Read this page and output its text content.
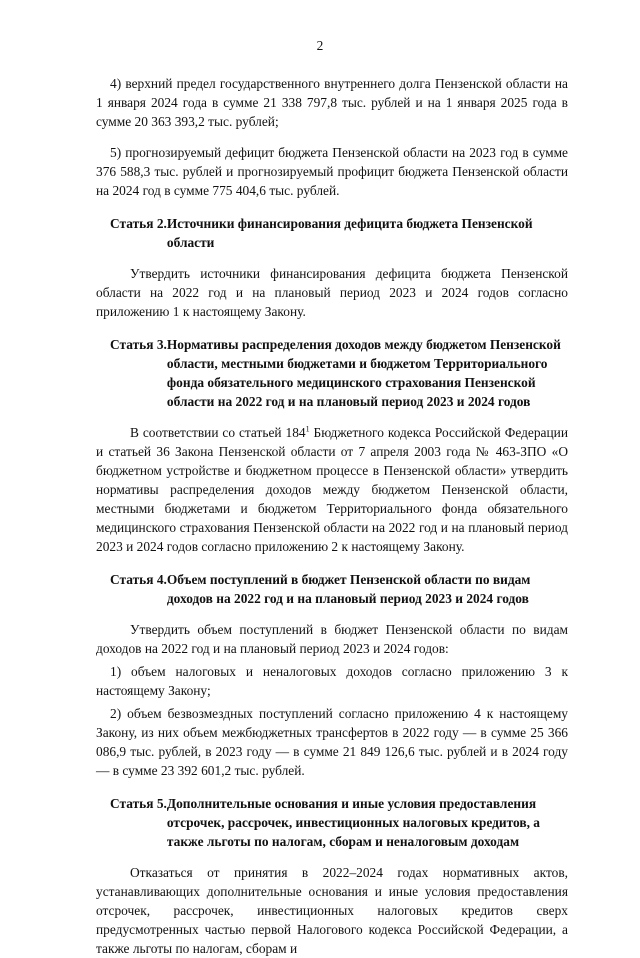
2

4) верхний предел государственного внутреннего долга Пензенской области на 1 января 2024 года в сумме 21 338 797,8 тыс. рублей и на 1 января 2025 года в сумме 20 363 393,2 тыс. рублей;

5) прогнозируемый дефицит бюджета Пензенской области на 2023 год в сумме 376 588,3 тыс. рублей и прогнозируемый профицит бюджета Пензенской области на 2024 год в сумме 775 404,6 тыс. рублей.

Статья 2. Источники финансирования дефицита бюджета Пензенской области

Утвердить источники финансирования дефицита бюджета Пензенской области на 2022 год и на плановый период 2023 и 2024 годов согласно приложению 1 к настоящему Закону.

Статья 3. Нормативы распределения доходов между бюджетом Пензенской области, местными бюджетами и бюджетом Территориального фонда обязательного медицинского страхования Пензенской области на 2022 год и на плановый период 2023 и 2024 годов

В соответствии со статьей $184^1$ Бюджетного кодекса Российской Федерации и статьей 36 Закона Пензенской области от 7 апреля 2003 года № 463-ЗПО «О бюджетном устройстве и бюджетном процессе в Пензенской области» утвердить нормативы распределения доходов между бюджетом Пензенской области, местными бюджетами и бюджетом Территориального фонда обязательного медицинского страхования Пензенской области на 2022 год и на плановый период 2023 и 2024 годов согласно приложению 2 к настоящему Закону.

Статья 4. Объем поступлений в бюджет Пензенской области по видам доходов на 2022 год и на плановый период 2023 и 2024 годов

Утвердить объем поступлений в бюджет Пензенской области по видам доходов на 2022 год и на плановый период 2023 и 2024 годов:

1) объем налоговых и неналоговых доходов согласно приложению 3 к настоящему Закону;

2) объем безвозмездных поступлений согласно приложению 4 к настоящему Закону, из них объем межбюджетных трансфертов в 2022 году — в сумме 25 366 086,9 тыс. рублей, в 2023 году — в сумме 21 849 126,6 тыс. рублей и в 2024 году — в сумме 23 392 601,2 тыс. рублей.

Статья 5. Дополнительные основания и иные условия предоставления отсрочек, рассрочек, инвестиционных налоговых кредитов, а также льготы по налогам, сборам и неналоговым доходам

Отказаться от принятия в 2022–2024 годах нормативных актов, устанавливающих дополнительные основания и иные условия предоставления отсрочек, рассрочек, инвестиционных налоговых кредитов сверх предусмотренных частью первой Налогового кодекса Российской Федерации, а также льготы по налогам, сборам и
